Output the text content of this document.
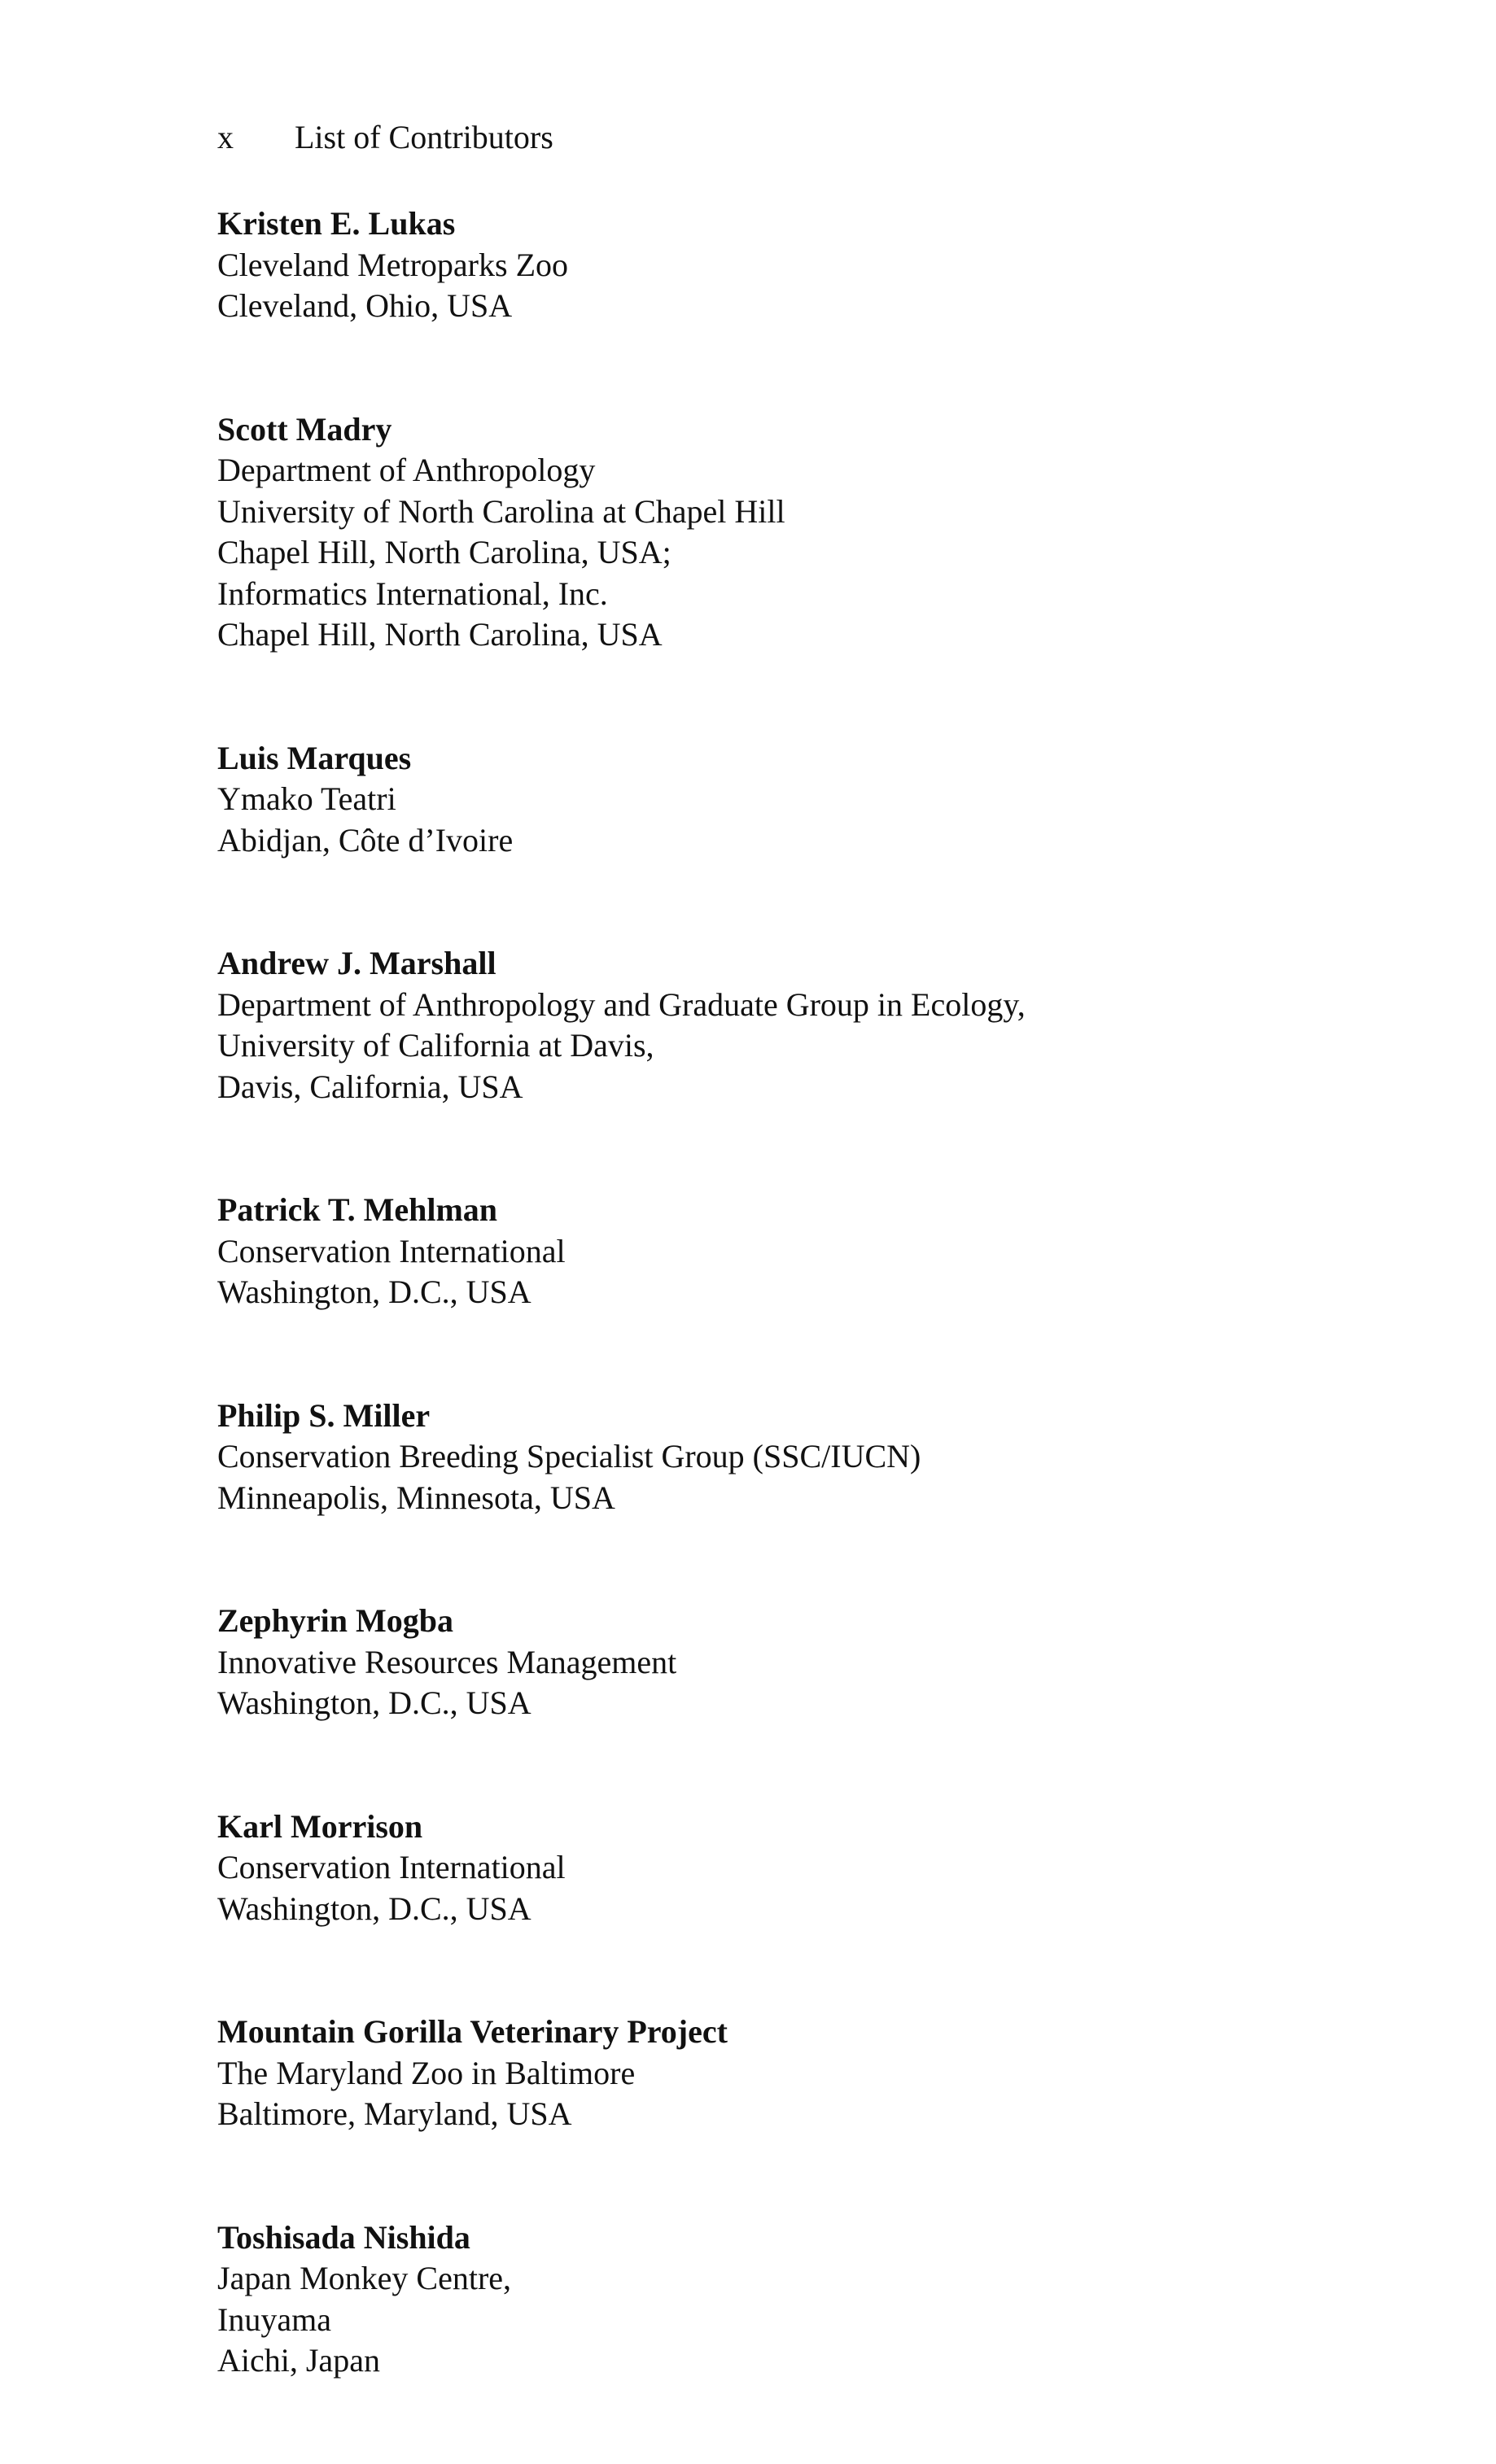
x List of Contributors
Kristen E. Lukas
Cleveland Metroparks Zoo
Cleveland, Ohio, USA
Scott Madry
Department of Anthropology
University of North Carolina at Chapel Hill
Chapel Hill, North Carolina, USA;
Informatics International, Inc.
Chapel Hill, North Carolina, USA
Luis Marques
Ymako Teatri
Abidjan, Côte d’Ivoire
Andrew J. Marshall
Department of Anthropology and Graduate Group in Ecology,
University of California at Davis,
Davis, California, USA
Patrick T. Mehlman
Conservation International
Washington, D.C., USA
Philip S. Miller
Conservation Breeding Specialist Group (SSC/IUCN)
Minneapolis, Minnesota, USA
Zephyrin Mogba
Innovative Resources Management
Washington, D.C., USA
Karl Morrison
Conservation International
Washington, D.C., USA
Mountain Gorilla Veterinary Project
The Maryland Zoo in Baltimore
Baltimore, Maryland, USA
Toshisada Nishida
Japan Monkey Centre,
Inuyama
Aichi, Japan
